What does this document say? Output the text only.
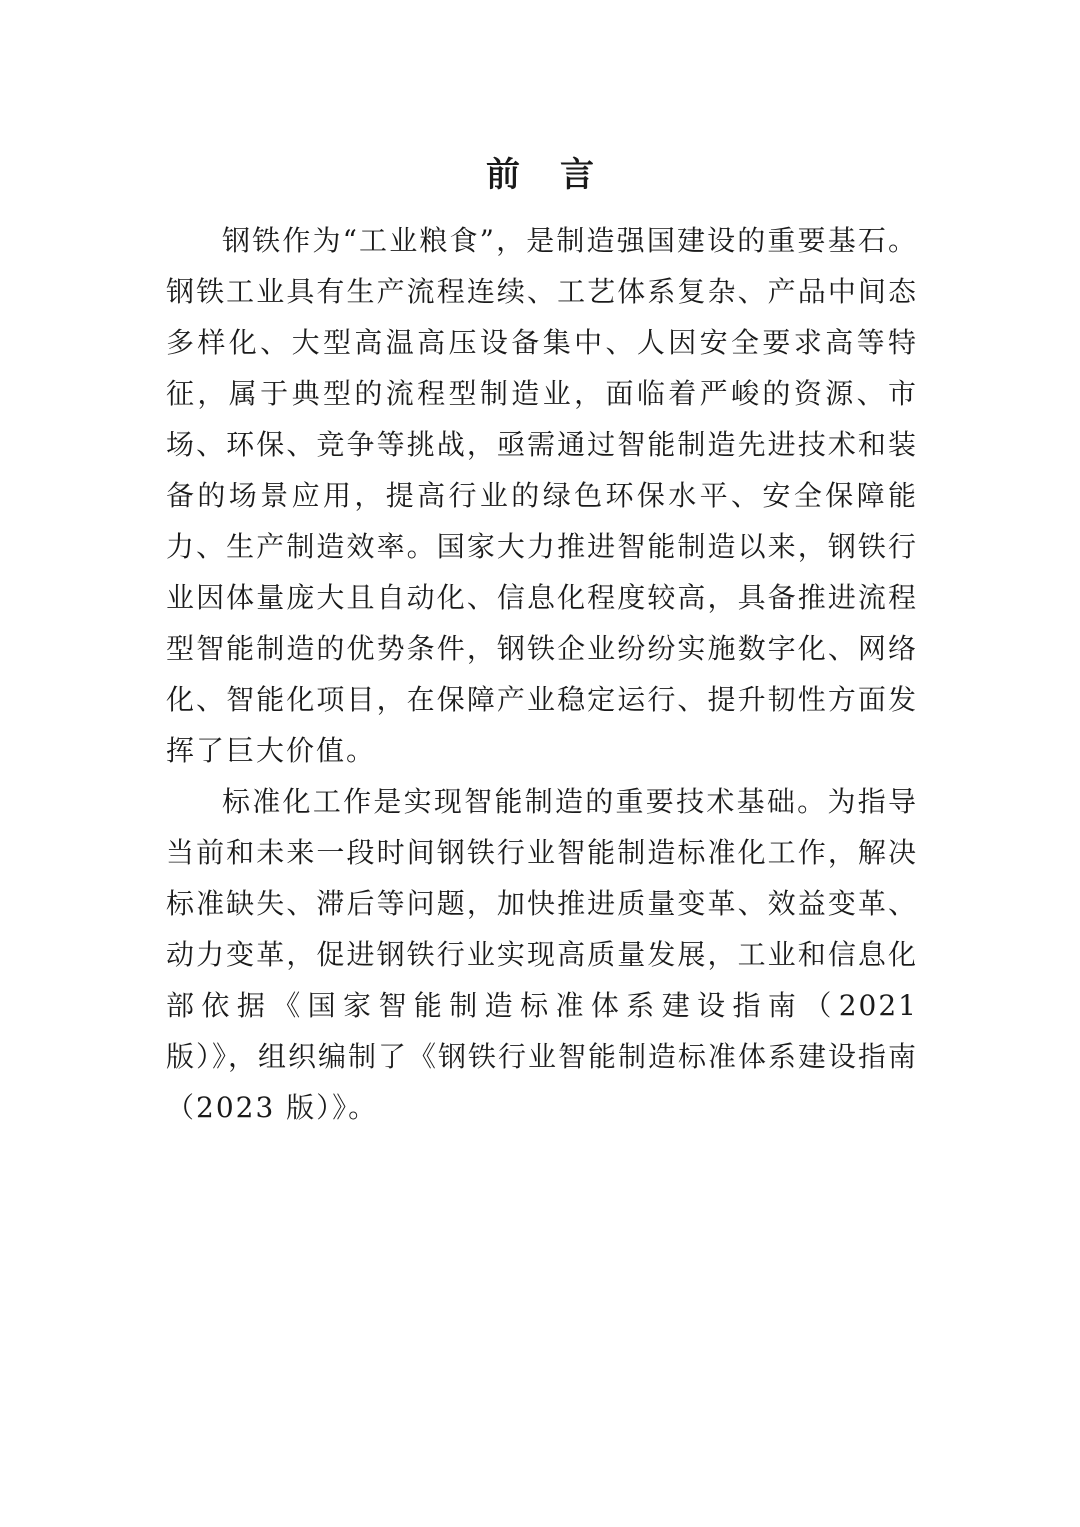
前 言

钢铁作为“工业粮食”，是制造强国建设的重要基石。钢铁工业具有生产流程连续、工艺体系复杂、产品中间态多样化、大型高温高压设备集中、人因安全要求高等特征，属于典型的流程型制造业，面临着严峻的资源、市场、环保、竞争等挑战，亟需通过智能制造先进技术和装备的场景应用，提高行业的绿色环保水平、安全保障能力、生产制造效率。国家大力推进智能制造以来，钢铁行业因体量庞大且自动化、信息化程度较高，具备推进流程型智能制造的优势条件，钢铁企业纷纷实施数字化、网络化、智能化项目，在保障产业稳定运行、提升韧性方面发挥了巨大价值。

标准化工作是实现智能制造的重要技术基础。为指导当前和未来一段时间钢铁行业智能制造标准化工作，解决标准缺失、滞后等问题，加快推进质量变革、效益变革、动力变革，促进钢铁行业实现高质量发展，工业和信息化部依据《国家智能制造标准体系建设指南（2021 版）》，组织编制了《钢铁行业智能制造标准体系建设指南（2023 版）》。
